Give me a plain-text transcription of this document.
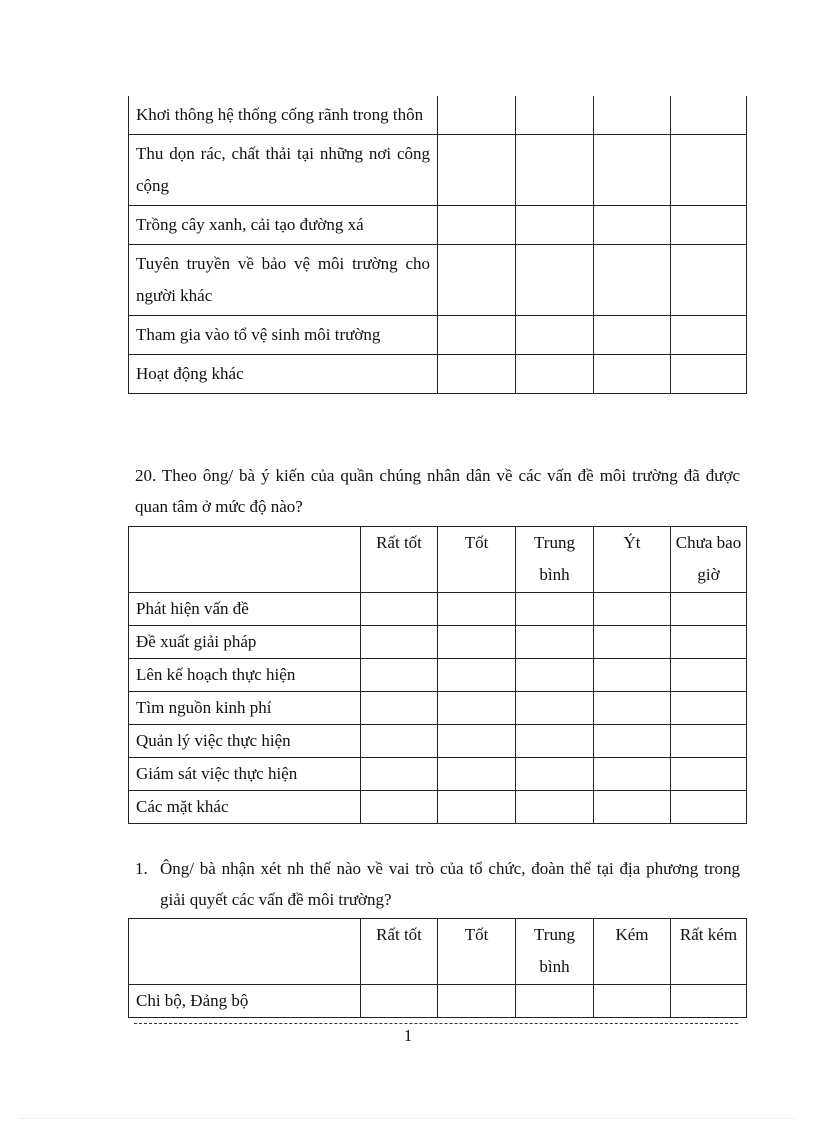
Khơi thông hệ thống cống rãnh trong thôn				
Thu dọn rác, chất thải tại những nơi công cộng				
Trồng cây xanh, cải tạo đường xá				
Tuyên truyền về bảo vệ môi trường cho người khác				
Tham gia vào tổ vệ sinh môi trường				
Hoạt động khác				
20. Theo ông/ bà ý kiến của quần chúng nhân dân về các vấn đề môi trường đã được quan tâm ở mức độ nào?
	Rất tốt	Tốt	Trung bình	Ýt	Chưa bao giờ
Phát hiện vấn đề					
Đề xuất giải pháp					
Lên kế hoạch thực hiện					
Tìm nguồn kinh phí					
Quản lý việc thực hiện					
Giám sát việc thực hiện					
Các mặt khác					
1. Ông/ bà nhận xét nh thế nào về vai trò của tổ chức, đoàn thể tại địa phương trong giải quyết các vấn đề môi trường?
	Rất tốt	Tốt	Trung bình	Kém	Rất kém
Chi bộ, Đảng bộ					
1
